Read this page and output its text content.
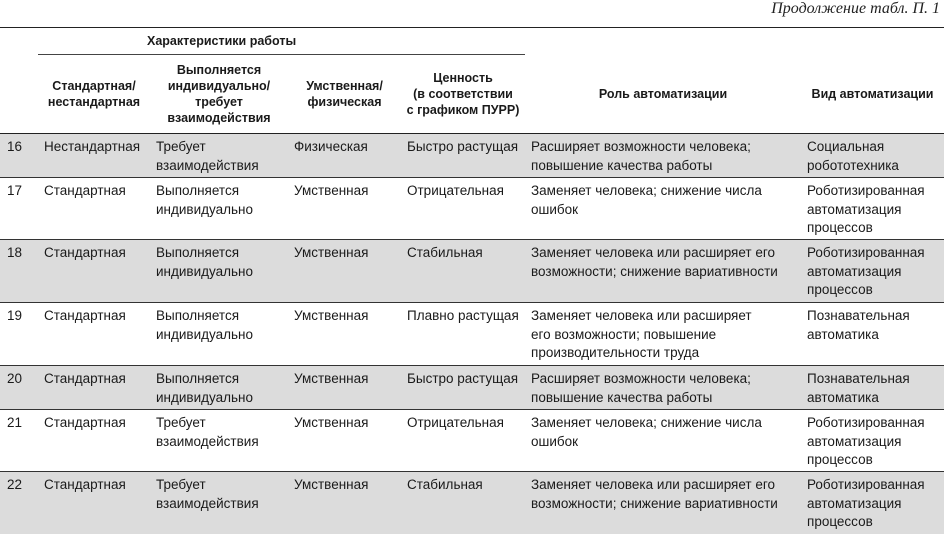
Продолжение табл. П. 1
	Характеристики работы					
	Стандартная/
нестандартная	Выполняется
индивидуально/
требует
взаимодействия	Умственная/
физическая	Ценность
(в соответствии
с графиком ПУРР)	Роль автоматизации	Вид автоматизации
16	Нестандартная	Требует
взаимодействия	Физическая	Быстро растущая	Расширяет возможности человека;
повышение качества работы	Социальная
робототехника
17	Стандартная	Выполняется
индивидуально	Умственная	Отрицательная	Заменяет человека; снижение числа
ошибок	Роботизированная
автоматизация
процессов
18	Стандартная	Выполняется
индивидуально	Умственная	Стабильная	Заменяет человека или расширяет его
возможности; снижение вариативности	Роботизированная
автоматизация
процессов
19	Стандартная	Выполняется
индивидуально	Умственная	Плавно растущая	Заменяет человека или расширяет
его возможности; повышение
производительности труда	Познавательная
автоматика
20	Стандартная	Выполняется
индивидуально	Умственная	Быстро растущая	Расширяет возможности человека;
повышение качества работы	Познавательная
автоматика
21	Стандартная	Требует
взаимодействия	Умственная	Отрицательная	Заменяет человека; снижение числа
ошибок	Роботизированная
автоматизация
процессов
22	Стандартная	Требует
взаимодействия	Умственная	Стабильная	Заменяет человека или расширяет его
возможности; снижение вариативности	Роботизированная
автоматизация
процессов
